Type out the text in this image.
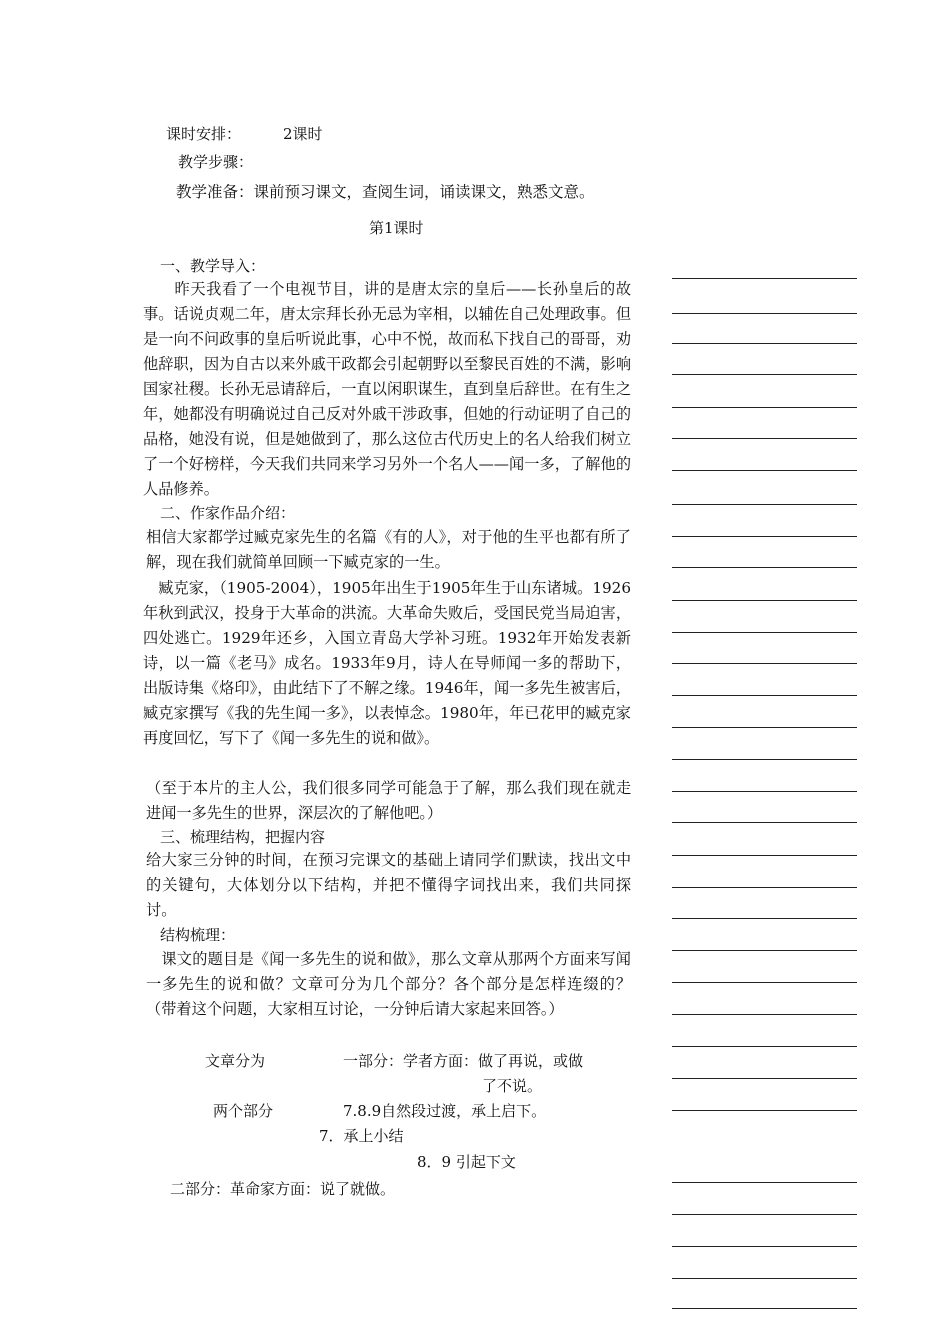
课时安排：	2课时

教学步骤：

教学准备：课前预习课文，查阅生词，诵读课文，熟悉文意。

第1课时

一、教学导入：

　　昨天我看了一个电视节目，讲的是唐太宗的皇后——长孙皇后的故事。话说贞观二年，唐太宗拜长孙无忌为宰相，以辅佐自己处理政事。但是一向不问政事的皇后听说此事，心中不悦，故而私下找自己的哥哥，劝他辞职，因为自古以来外戚干政都会引起朝野以至黎民百姓的不满，影响国家社稷。长孙无忌请辞后，一直以闲职谋生，直到皇后辞世。在有生之年，她都没有明确说过自己反对外戚干涉政事，但她的行动证明了自己的品格，她没有说，但是她做到了，那么这位古代历史上的名人给我们树立了一个好榜样，今天我们共同来学习另外一个名人——闻一多，了解他的人品修养。

二、作家作品介绍：

相信大家都学过臧克家先生的名篇《有的人》，对于他的生平也都有所了解，现在我们就简单回顾一下臧克家的一生。

　臧克家，（1905-2004），1905年出生于1905年生于山东诸城。1926年秋到武汉，投身于大革命的洪流。大革命失败后，受国民党当局迫害，四处逃亡。1929年还乡，入国立青岛大学补习班。1932年开始发表新诗，以一篇《老马》成名。1933年9月，诗人在导师闻一多的帮助下，出版诗集《烙印》，由此结下了不解之缘。1946年，闻一多先生被害后，臧克家撰写《我的先生闻一多》，以表悼念。1980年，年已花甲的臧克家再度回忆，写下了《闻一多先生的说和做》。

（至于本片的主人公，我们很多同学可能急于了解，那么我们现在就走进闻一多先生的世界，深层次的了解他吧。）

三、梳理结构，把握内容

给大家三分钟的时间，在预习完课文的基础上请同学们默读，找出文中的关键句，大体划分以下结构，并把不懂得字词找出来，我们共同探讨。

结构梳理：

　课文的题目是《闻一多先生的说和做》，那么文章从那两个方面来写闻一多先生的说和做？文章可分为几个部分？各个部分是怎样连缀的？（带着这个问题，大家相互讨论，一分钟后请大家起来回答。）

文章分为	一部分：学者方面：做了再说，或做

了不说。

两个部分	7.8.9自然段过渡，承上启下。

7．承上小结

8．9 引起下文

二部分：革命家方面：说了就做。
